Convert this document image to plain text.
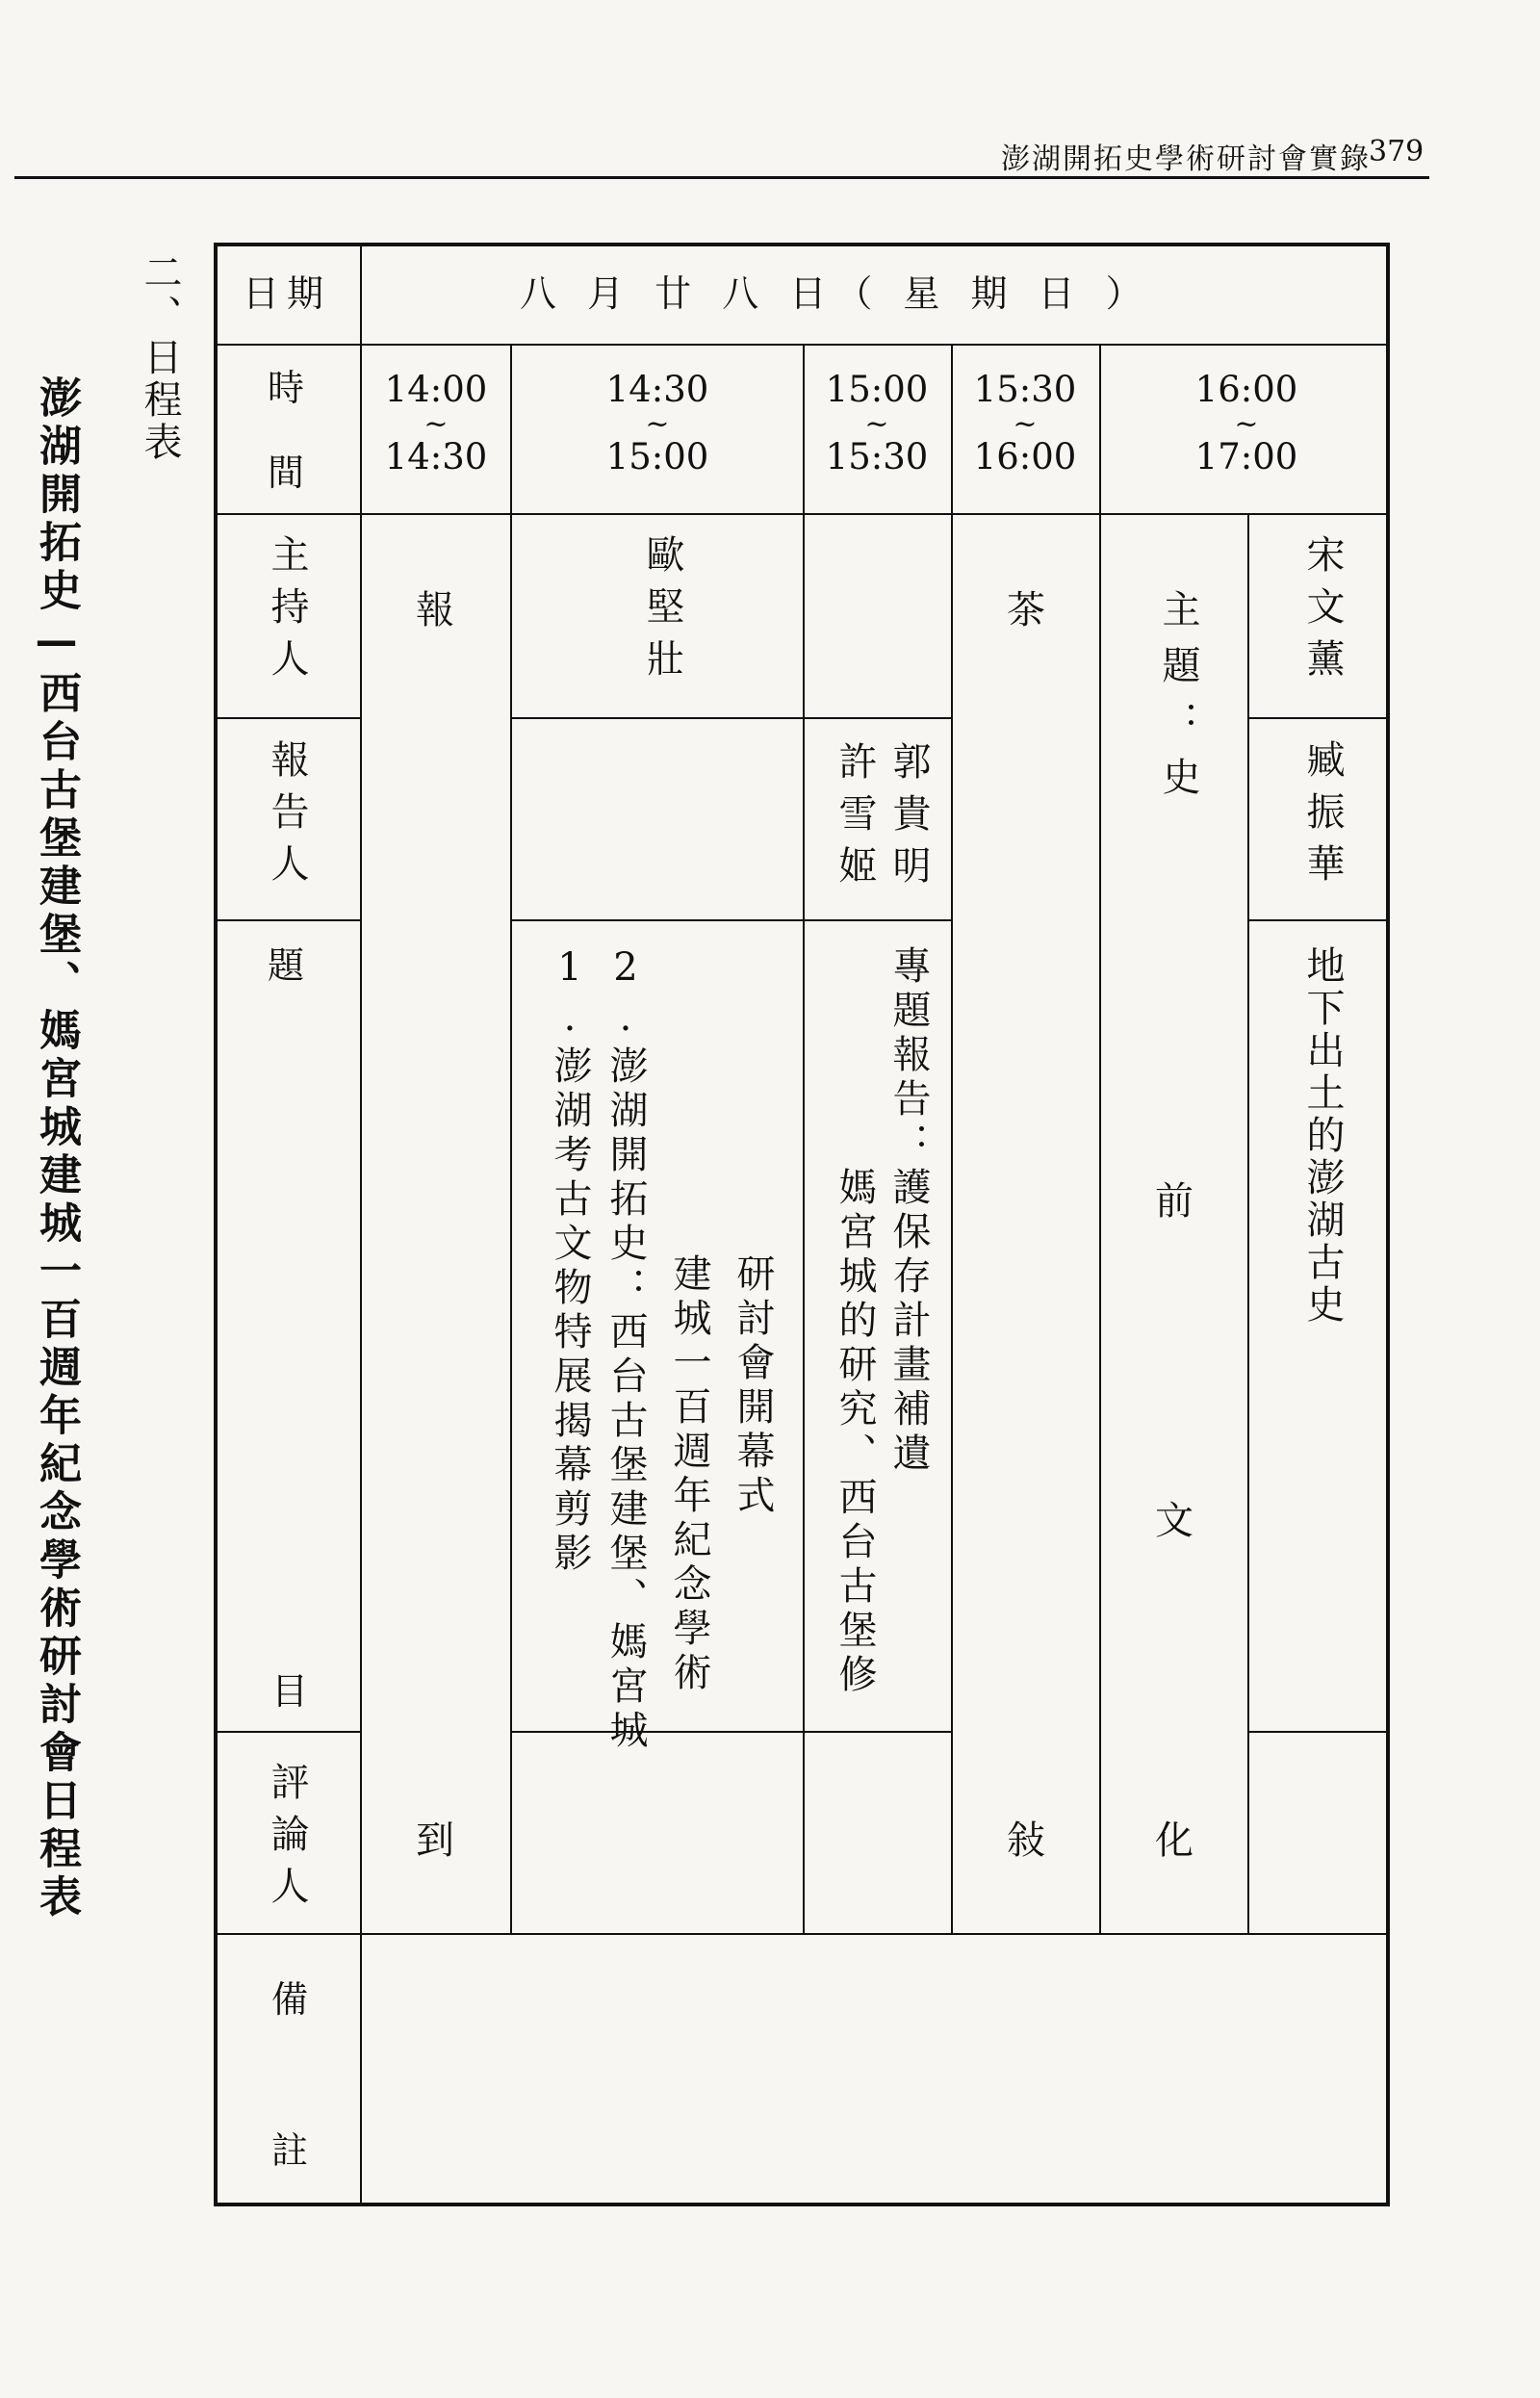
澎湖開拓史學術研討會實錄
379
澎湖開拓史—西台古堡建堡、媽宮城建城一百週年紀念學術研討會日程表
二、日程表 日期
時
間
主持人
報告人
題
目
評論人
備
註
八 月 廿 八 日（ 星 期 日 ）
14:00
~
14:30
14:30
~
15:00
15:00
~
15:30
15:30
~
16:00
16:00
~
17:00
報
到
歐堅壯
研討會開幕式
2.澎湖開拓史：西台古堡建堡、媽宮城 建城一百週年紀念學術
1.澎湖考古文物特展揭幕剪影
郭貴明
許雪姬
專題報告：護保存計畫補遺
媽宮城的研究、西台古堡修
茶
敍
主題：史
前
文
化
宋文薰
臧振華
地下出土的澎湖古史
